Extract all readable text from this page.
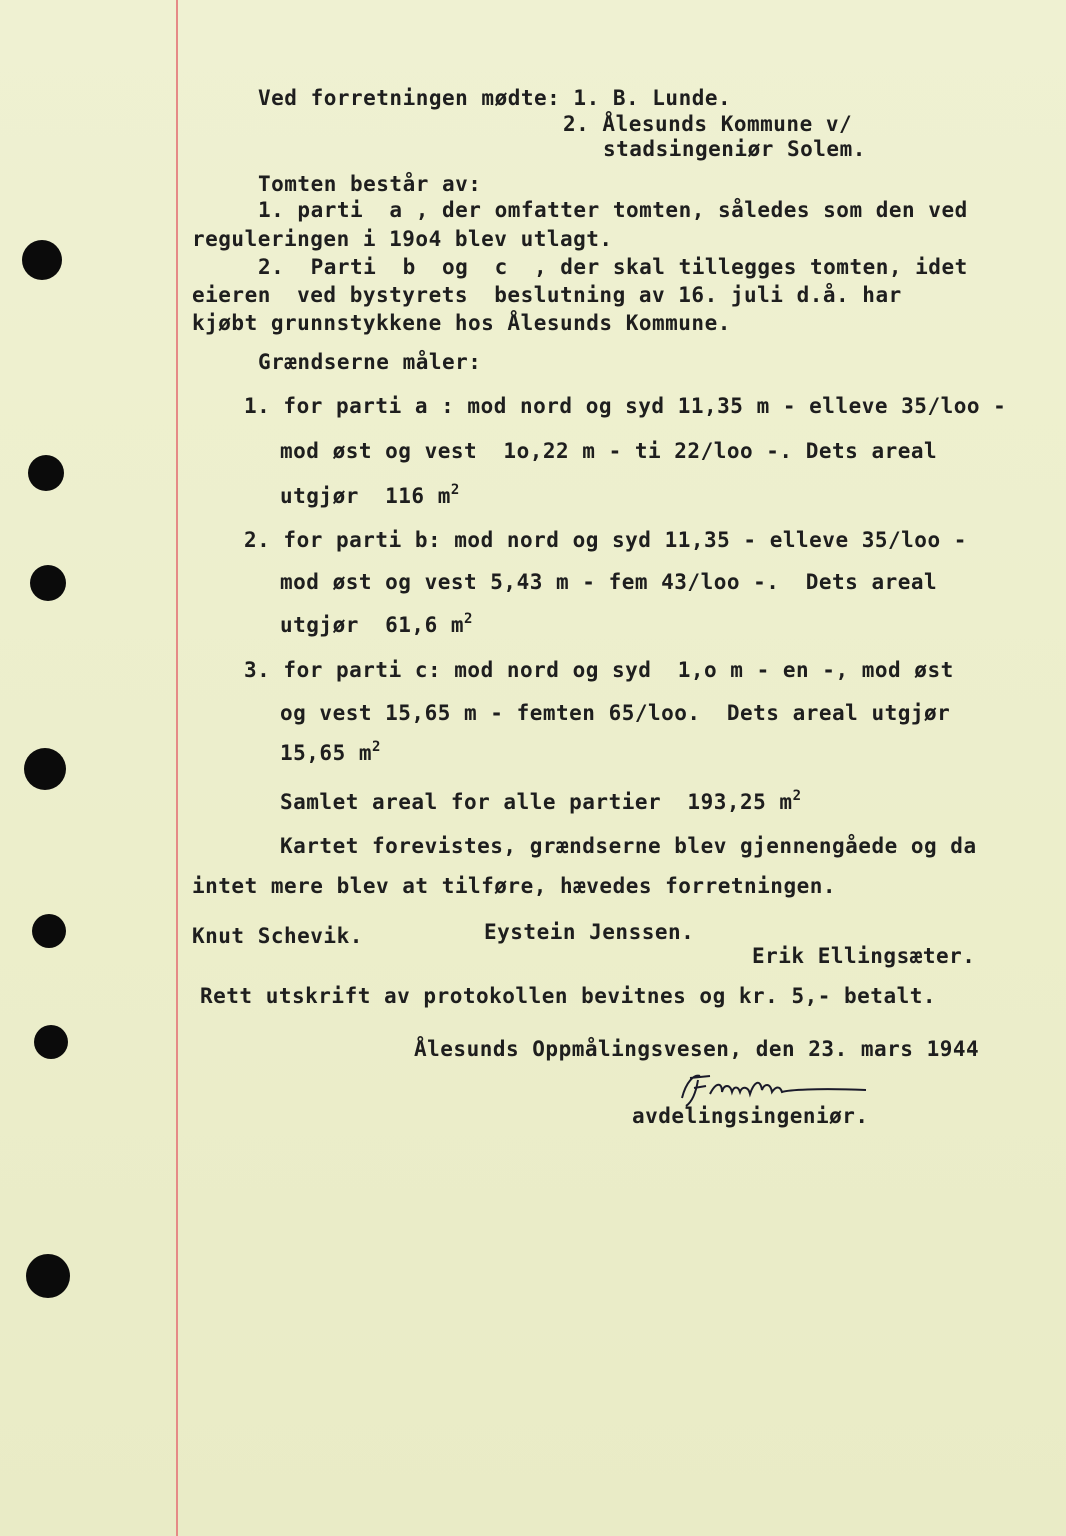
Ved forretningen mødte: 1. B. Lunde.
2. Ålesunds Kommune v/
stadsingeniør Solem.
Tomten består av:
1. parti  a , der omfatter tomten, således som den ved
reguleringen i 19o4 blev utlagt.
2.  Parti  b  og  c  , der skal tillegges tomten, idet
eieren  ved bystyrets  beslutning av 16. juli d.å. har
kjøbt grunnstykkene hos Ålesunds Kommune.
Grændserne måler:
1. for parti a : mod nord og syd 11,35 m - elleve 35/loo -
mod øst og vest  1o,22 m - ti 22/loo -. Dets areal
utgjør  116 $m^2$
2. for parti b: mod nord og syd 11,35 - elleve 35/loo -
mod øst og vest 5,43 m - fem 43/loo -.  Dets areal
utgjør  61,6 $m^2$
3. for parti c: mod nord og syd  1,o m - en -, mod øst
og vest 15,65 m - femten 65/loo.  Dets areal utgjør
15,65 $m^2$
Samlet areal for alle partier  193,25 $m^2$
Kartet forevistes, grændserne blev gjennengåede og da
intet mere blev at tilføre, hævedes forretningen.
Knut Schevik.	Eystein Jenssen.
Erik Ellingsæter.
Rett utskrift av protokollen bevitnes og kr. 5,- betalt.
Ålesunds Oppmålingsvesen, den 23. mars 1944
avdelingsingeniør.
